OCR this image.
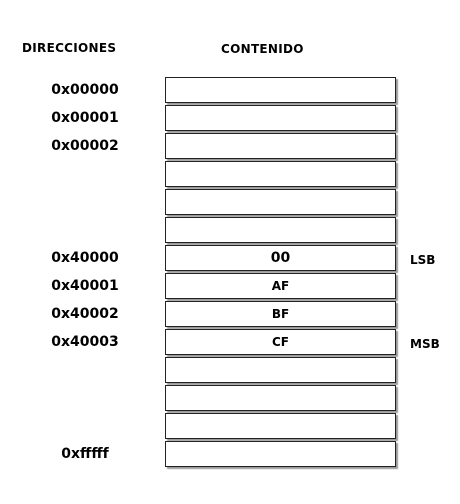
DIRECCIONES	CONTENIDO
0x00000
0x00001
0x00002
0x40000
0x40001
0x40002
0x40003
0xfffff
00
AF
BF
CF
LSB
MSB
